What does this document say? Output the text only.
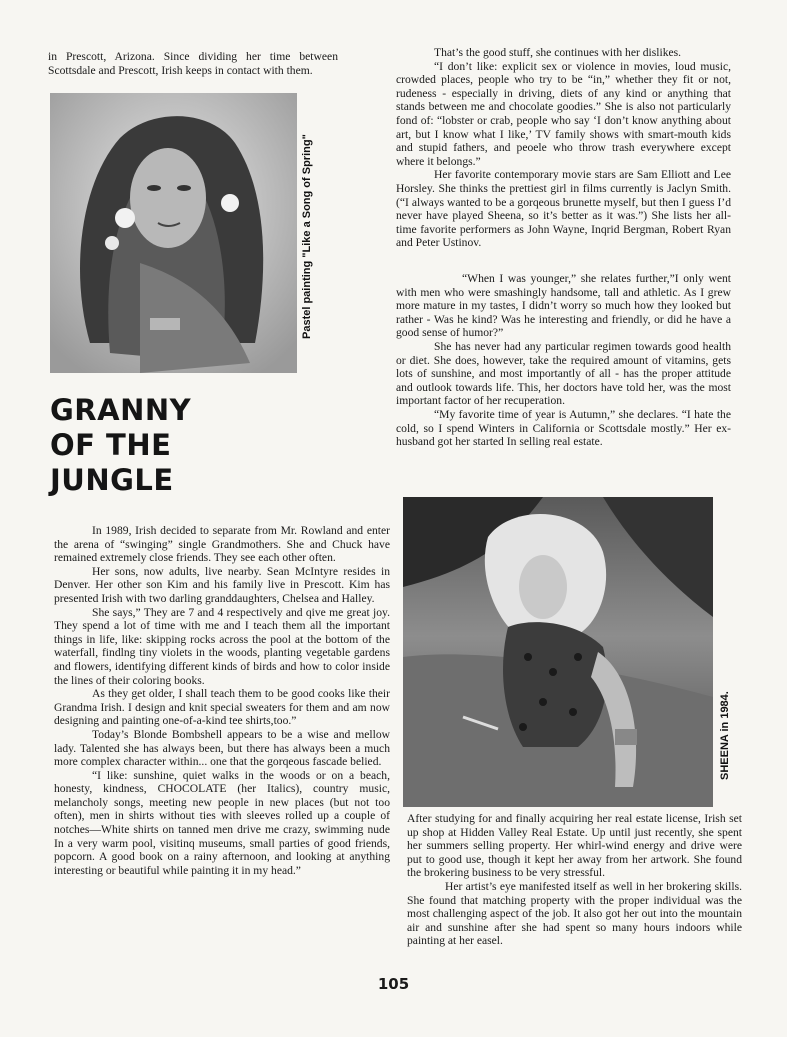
in Prescott, Arizona. Since dividing her time between Scottsdale and Prescott, Irish keeps in contact with them.

Pastel painting "Like a Song of Spring"
GRANNY
OF THE
JUNGLE

In 1989, Irish decided to separate from Mr. Rowland and enter the arena of “swinging” single Grandmothers. She and Chuck have remained extremely close friends. They see each other often.

Her sons, now adults, live nearby. Sean McIntyre resides in Denver. Her other son Kim and his family live in Prescott. Kim has presented Irish with two darling granddaughters, Chelsea and Halley.

She says,” They are 7 and 4 respectively and qive me great joy. They spend a lot of time with me and I teach them all the important things in life, like: skipping rocks across the pool at the bottom of the waterfall, findlng tiny violets in the woods, planting vegetable gardens and flowers, identifying different kinds of birds and how to color inside the lines of their coloring books.

As they get older, I shall teach them to be good cooks like their Grandma Irish. I design and knit special sweaters for them and am now designing and painting one-of-a-kind tee shirts,too.”

Today’s Blonde Bombshell appears to be a wise and mellow lady. Talented she has always been, but there has always been a much more complex character within... one that the gorqeous fascade belied.

“I like: sunshine, quiet walks in the woods or on a beach, honesty, kindness, CHOCOLATE (her Italics), country music, melancholy songs, meeting new people in new places (but not too often), men in shirts without ties with sleeves rolled up a couple of notches—White shirts on tanned men drive me crazy, swimming nude In a very warm pool, visitinq museums, small parties of good friends, popcorn. A good book on a rainy afternoon, and looking at anything interesting or beautiful while painting it in my head.”

That’s the good stuff, she continues with her dislikes.

“I don’t like: explicit sex or violence in movies, loud music, crowded places, people who try to be “in,” whether they fit or not, rudeness - especially in driving, diets of any kind or anything that stands between me and chocolate goodies.” She is also not particularly fond of: “lobster or crab, people who say ‘I don’t know anything about art, but I know what I like,’ TV family shows with smart-mouth kids and stupid fathers, and peoele who throw trash everywhere except where it belongs.”

Her favorite contemporary movie stars are Sam Elliott and Lee Horsley. She thinks the prettiest girl in films currently is Jaclyn Smith. (“I always wanted to be a gorqeous brunette myself, but then I guess I’d never have played Sheena, so it’s better as it was.”) She lists her all-time favorite performers as John Wayne, Inqrid Bergman, Robert Ryan and Peter Ustinov.

“When I was younger,” she relates further,”I only went with men who were smashingly handsome, tall and athletic. As I grew more mature in my tastes, I didn’t worry so much how they looked but rather - Was he kind? Was he interesting and friendly, or did he have a good sense of humor?”

She has never had any particular regimen towards good health or diet. She does, however, take the required amount of vitamins, gets lots of sunshine, and most importantly of all - has the proper attitude and outlook towards life. This, her doctors have told her, was the most important factor of her recuperation.

“My favorite time of year is Autumn,” she declares. “I hate the cold, so I spend Winters in California or Scottsdale mostly.” Her ex-husband got her started In selling real estate.

SHEENA in 1984.

After studying for and finally acquiring her real estate license, Irish set up shop at Hidden Valley Real Estate. Up until just recently, she spent her summers selling property. Her whirl-wind energy and drive were put to good use, though it kept her away from her artwork. She found the brokering business to be very stressful.

Her artist’s eye manifested itself as well in her brokering skills. She found that matching property with the proper individual was the most challenging aspect of the job. It also got her out into the mountain air and sunshine after she had spent so many hours indoors while painting at her easel.

105
